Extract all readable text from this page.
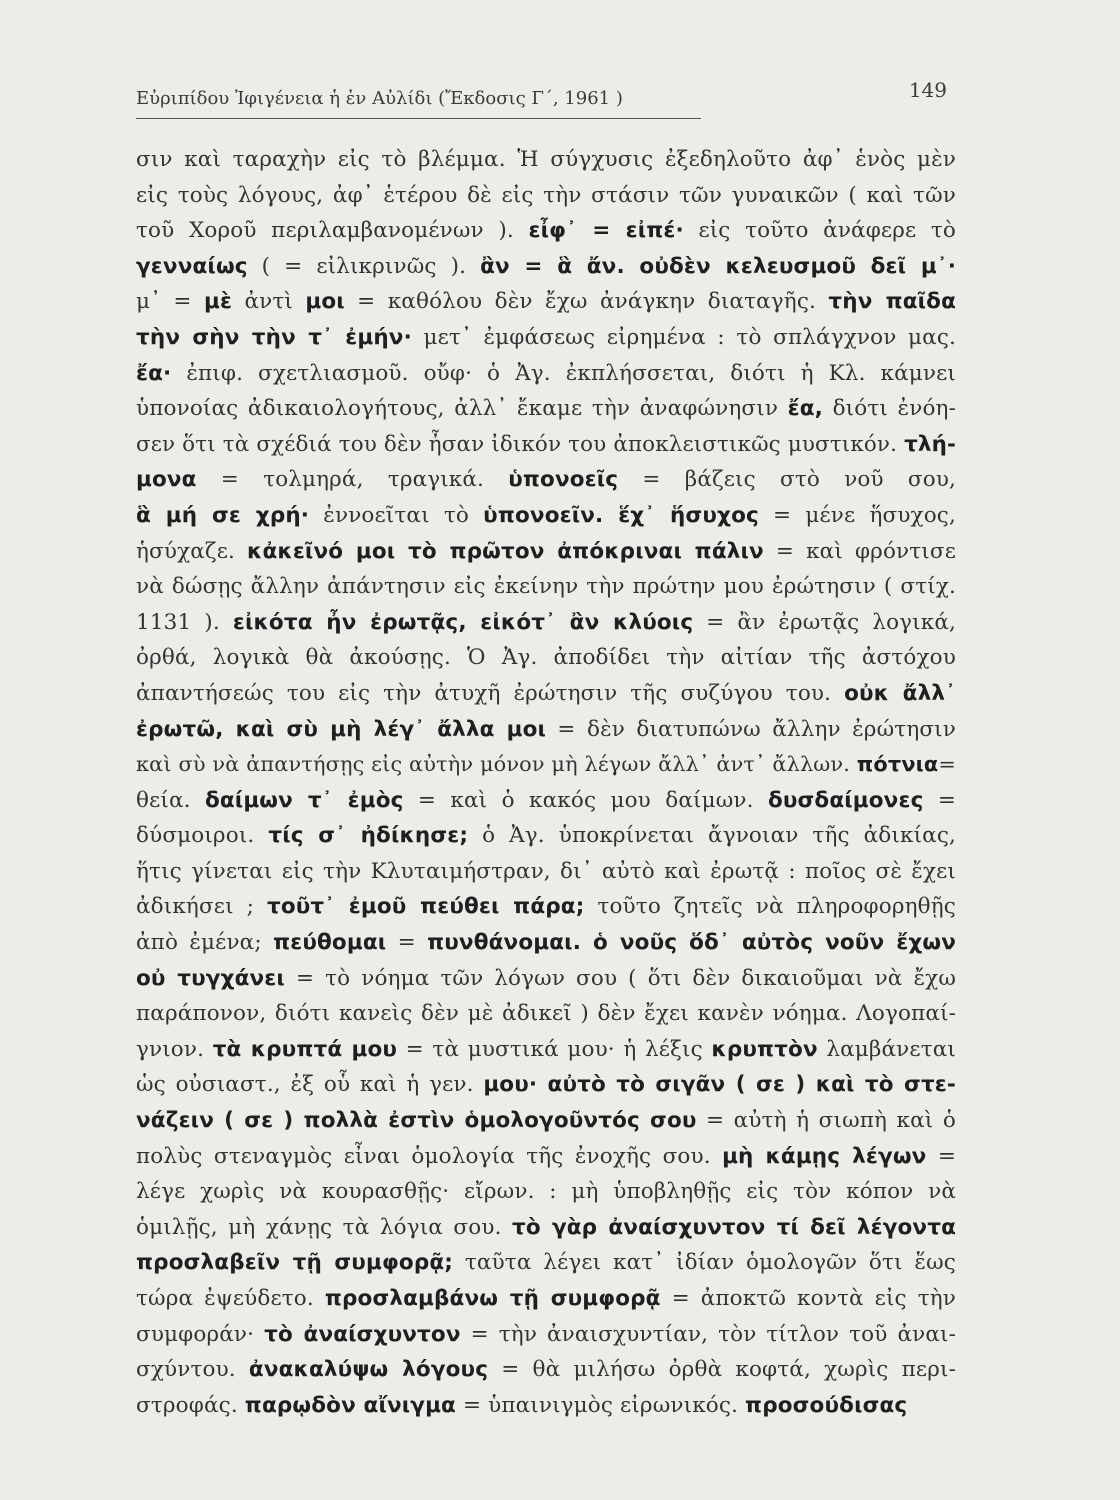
Εὐριπίδου Ἰφιγένεια ἡ ἐν Αὐλίδι (Ἔκδοσις Γ΄, 1961 )	149
σιν καὶ ταραχὴν εἰς τὸ βλέμμα. Ἡ σύγχυσις ἐξεδηλοῦτο ἀφ᾽ ἑνὸς μὲν
εἰς τοὺς λόγους, ἀφ᾽ ἑτέρου δὲ εἰς τὴν στάσιν τῶν γυναικῶν ( καὶ τῶν
τοῦ Χοροῦ περιλαμβανομένων ). εἶφ᾽ = εἰπέ· εἰς τοῦτο ἀνάφερε τὸ
γενναίως ( = εἰλικρινῶς ). ἂν = ἃ ἄν. οὐδὲν κελευσμοῦ δεῖ μ᾽·
μ᾽ = μὲ ἀντὶ μοι = καθόλου δὲν ἔχω ἀνάγκην διαταγῆς. τὴν παῖδα
τὴν σὴν τὴν τ᾽ ἐμήν· μετ᾽ ἐμφάσεως εἰρημένα : τὸ σπλάγχνον μας.
ἔα· ἐπιφ. σχετλιασμοῦ. οὔφ· ὁ Ἀγ. ἐκπλήσσεται, διότι ἡ Κλ. κάμνει
ὑπονοίας ἀδικαιολογήτους, ἀλλ᾽ ἔκαμε τὴν ἀναφώνησιν ἔα, διότι ἐνόη-
σεν ὅτι τὰ σχέδιά του δὲν ἦσαν ἰδικόν του ἀποκλειστικῶς μυστικόν. τλή-
μονα = τολμηρά, τραγικά. ὑπονοεῖς = βάζεις στὸ νοῦ σου,
ἃ μή σε χρή· ἐννοεῖται τὸ ὑπονοεῖν. ἕχ᾽ ἥσυχος = μένε ἥσυχος,
ἡσύχαζε. κἀκεῖνό μοι τὸ πρῶτον ἀπόκριναι πάλιν = καὶ φρόντισε
νὰ δώσῃς ἄλλην ἀπάντησιν εἰς ἐκείνην τὴν πρώτην μου ἐρώτησιν ( στίχ.
1131 ). εἰκότα ἦν ἐρωτᾷς, εἰκότ᾽ ἂν κλύοις = ἂν ἐρωτᾷς λογικά,
ὀρθά, λογικὰ θὰ ἀκούσῃς. Ὁ Ἀγ. ἀποδίδει τὴν αἰτίαν τῆς ἀστόχου
ἀπαντήσεώς του εἰς τὴν ἀτυχῆ ἐρώτησιν τῆς συζύγου του. οὐκ ἄλλ᾽
ἐρωτῶ, καὶ σὺ μὴ λέγ᾽ ἄλλα μοι = δὲν διατυπώνω ἄλλην ἐρώτησιν
καὶ σὺ νὰ ἀπαντήσῃς εἰς αὐτὴν μόνον μὴ λέγων ἄλλ᾽ ἀντ᾽ ἄλλων. πότνια=
θεία. δαίμων τ᾽ ἐμὸς = καὶ ὁ κακός μου δαίμων. δυσδαίμονες =
δύσμοιροι. τίς σ᾽ ἠδίκησε; ὁ Ἀγ. ὑποκρίνεται ἄγνοιαν τῆς ἀδικίας,
ἥτις γίνεται εἰς τὴν Κλυταιμήστραν, δι᾽ αὐτὸ καὶ ἐρωτᾷ : ποῖος σὲ ἔχει
ἀδικήσει ; τοῦτ᾽ ἐμοῦ πεύθει πάρα; τοῦτο ζητεῖς νὰ πληροφορηθῇς
ἀπὸ ἐμένα; πεύθομαι = πυνθάνομαι. ὁ νοῦς ὅδ᾽ αὐτὸς νοῦν ἔχων
οὐ τυγχάνει = τὸ νόημα τῶν λόγων σου ( ὅτι δὲν δικαιοῦμαι νὰ ἔχω
παράπονον, διότι κανεὶς δὲν μὲ ἀδικεῖ ) δὲν ἔχει κανὲν νόημα. Λογοπαί-
γνιον. τὰ κρυπτά μου = τὰ μυστικά μου· ἡ λέξις κρυπτὸν λαμβάνεται
ὡς οὐσιαστ., ἐξ οὗ καὶ ἡ γεν. μου· αὐτὸ τὸ σιγᾶν ( σε ) καὶ τὸ στε-
νάζειν ( σε ) πολλὰ ἐστὶν ὁμολογοῦντός σου = αὐτὴ ἡ σιωπὴ καὶ ὁ
πολὺς στεναγμὸς εἶναι ὁμολογία τῆς ἐνοχῆς σου. μὴ κάμῃς λέγων =
λέγε χωρὶς νὰ κουρασθῇς· εἴρων. : μὴ ὑποβληθῇς εἰς τὸν κόπον νὰ
ὁμιλῇς, μὴ χάνῃς τὰ λόγια σου. τὸ γὰρ ἀναίσχυντον τί δεῖ λέγοντα
προσλαβεῖν τῇ συμφορᾷ; ταῦτα λέγει κατ᾽ ἰδίαν ὁμολογῶν ὅτι ἕως
τώρα ἐψεύδετο. προσλαμβάνω τῇ συμφορᾷ = ἀποκτῶ κοντὰ εἰς τὴν
συμφοράν· τὸ ἀναίσχυντον = τὴν ἀναισχυντίαν, τὸν τίτλον τοῦ ἀναι-
σχύντου. ἀνακαλύψω λόγους = θὰ μιλήσω ὀρθὰ κοφτά, χωρὶς περι-
στροφάς. παρῳδὸν αἴνιγμα = ὑπαινιγμὸς εἰρωνικός. προσούδισας
